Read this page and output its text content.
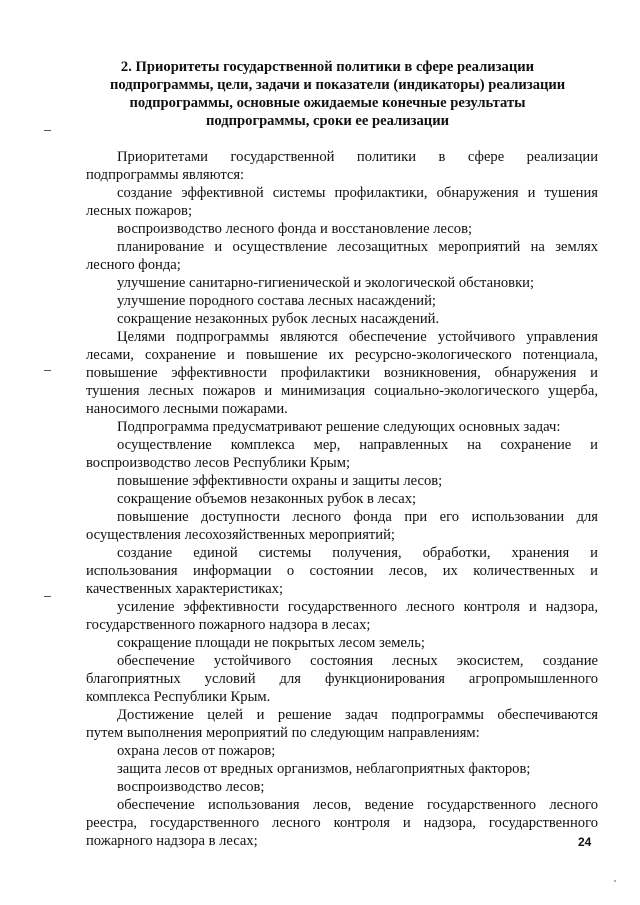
2. Приоритеты государственной политики в сфере реализации
подпрограммы, цели, задачи и показатели (индикаторы) реализации
подпрограммы, основные ожидаемые конечные результаты
подпрограммы, сроки ее реализации
Приоритетами государственной политики в сфере реализации
подпрограммы являются:
создание эффективной системы профилактики, обнаружения и тушения
лесных пожаров;
воспроизводство лесного фонда и восстановление лесов;
планирование и осуществление лесозащитных мероприятий на землях
лесного фонда;
улучшение санитарно-гигиенической и экологической обстановки;
улучшение породного состава лесных насаждений;
сокращение незаконных рубок лесных насаждений.
Целями подпрограммы являются обеспечение устойчивого управления
лесами, сохранение и повышение их ресурсно-экологического потенциала,
повышение эффективности профилактики возникновения, обнаружения и
тушения лесных пожаров и минимизация социально-экологического ущерба,
наносимого лесными пожарами.
Подпрограмма предусматривают решение следующих основных задач:
осуществление комплекса мер, направленных на сохранение и
воспроизводство лесов Республики Крым;
повышение эффективности охраны и защиты лесов;
сокращение объемов незаконных рубок в лесах;
повышение доступности лесного фонда при его использовании для
осуществления лесохозяйственных мероприятий;
создание единой системы получения, обработки, хранения и
использования информации о состоянии лесов, их количественных и
качественных характеристиках;
усиление эффективности государственного лесного контроля и надзора,
государственного пожарного надзора в лесах;
сокращение площади не покрытых лесом земель;
обеспечение устойчивого состояния лесных экосистем, создание
благоприятных условий для функционирования агропромышленного
комплекса Республики Крым.
Достижение целей и решение задач подпрограммы обеспечиваются
путем выполнения мероприятий по следующим направлениям:
охрана лесов от пожаров;
защита лесов от вредных организмов, неблагоприятных факторов;
воспроизводство лесов;
обеспечение использования лесов, ведение государственного лесного
реестра, государственного лесного контроля и надзора, государственного
пожарного надзора в лесах;	24
